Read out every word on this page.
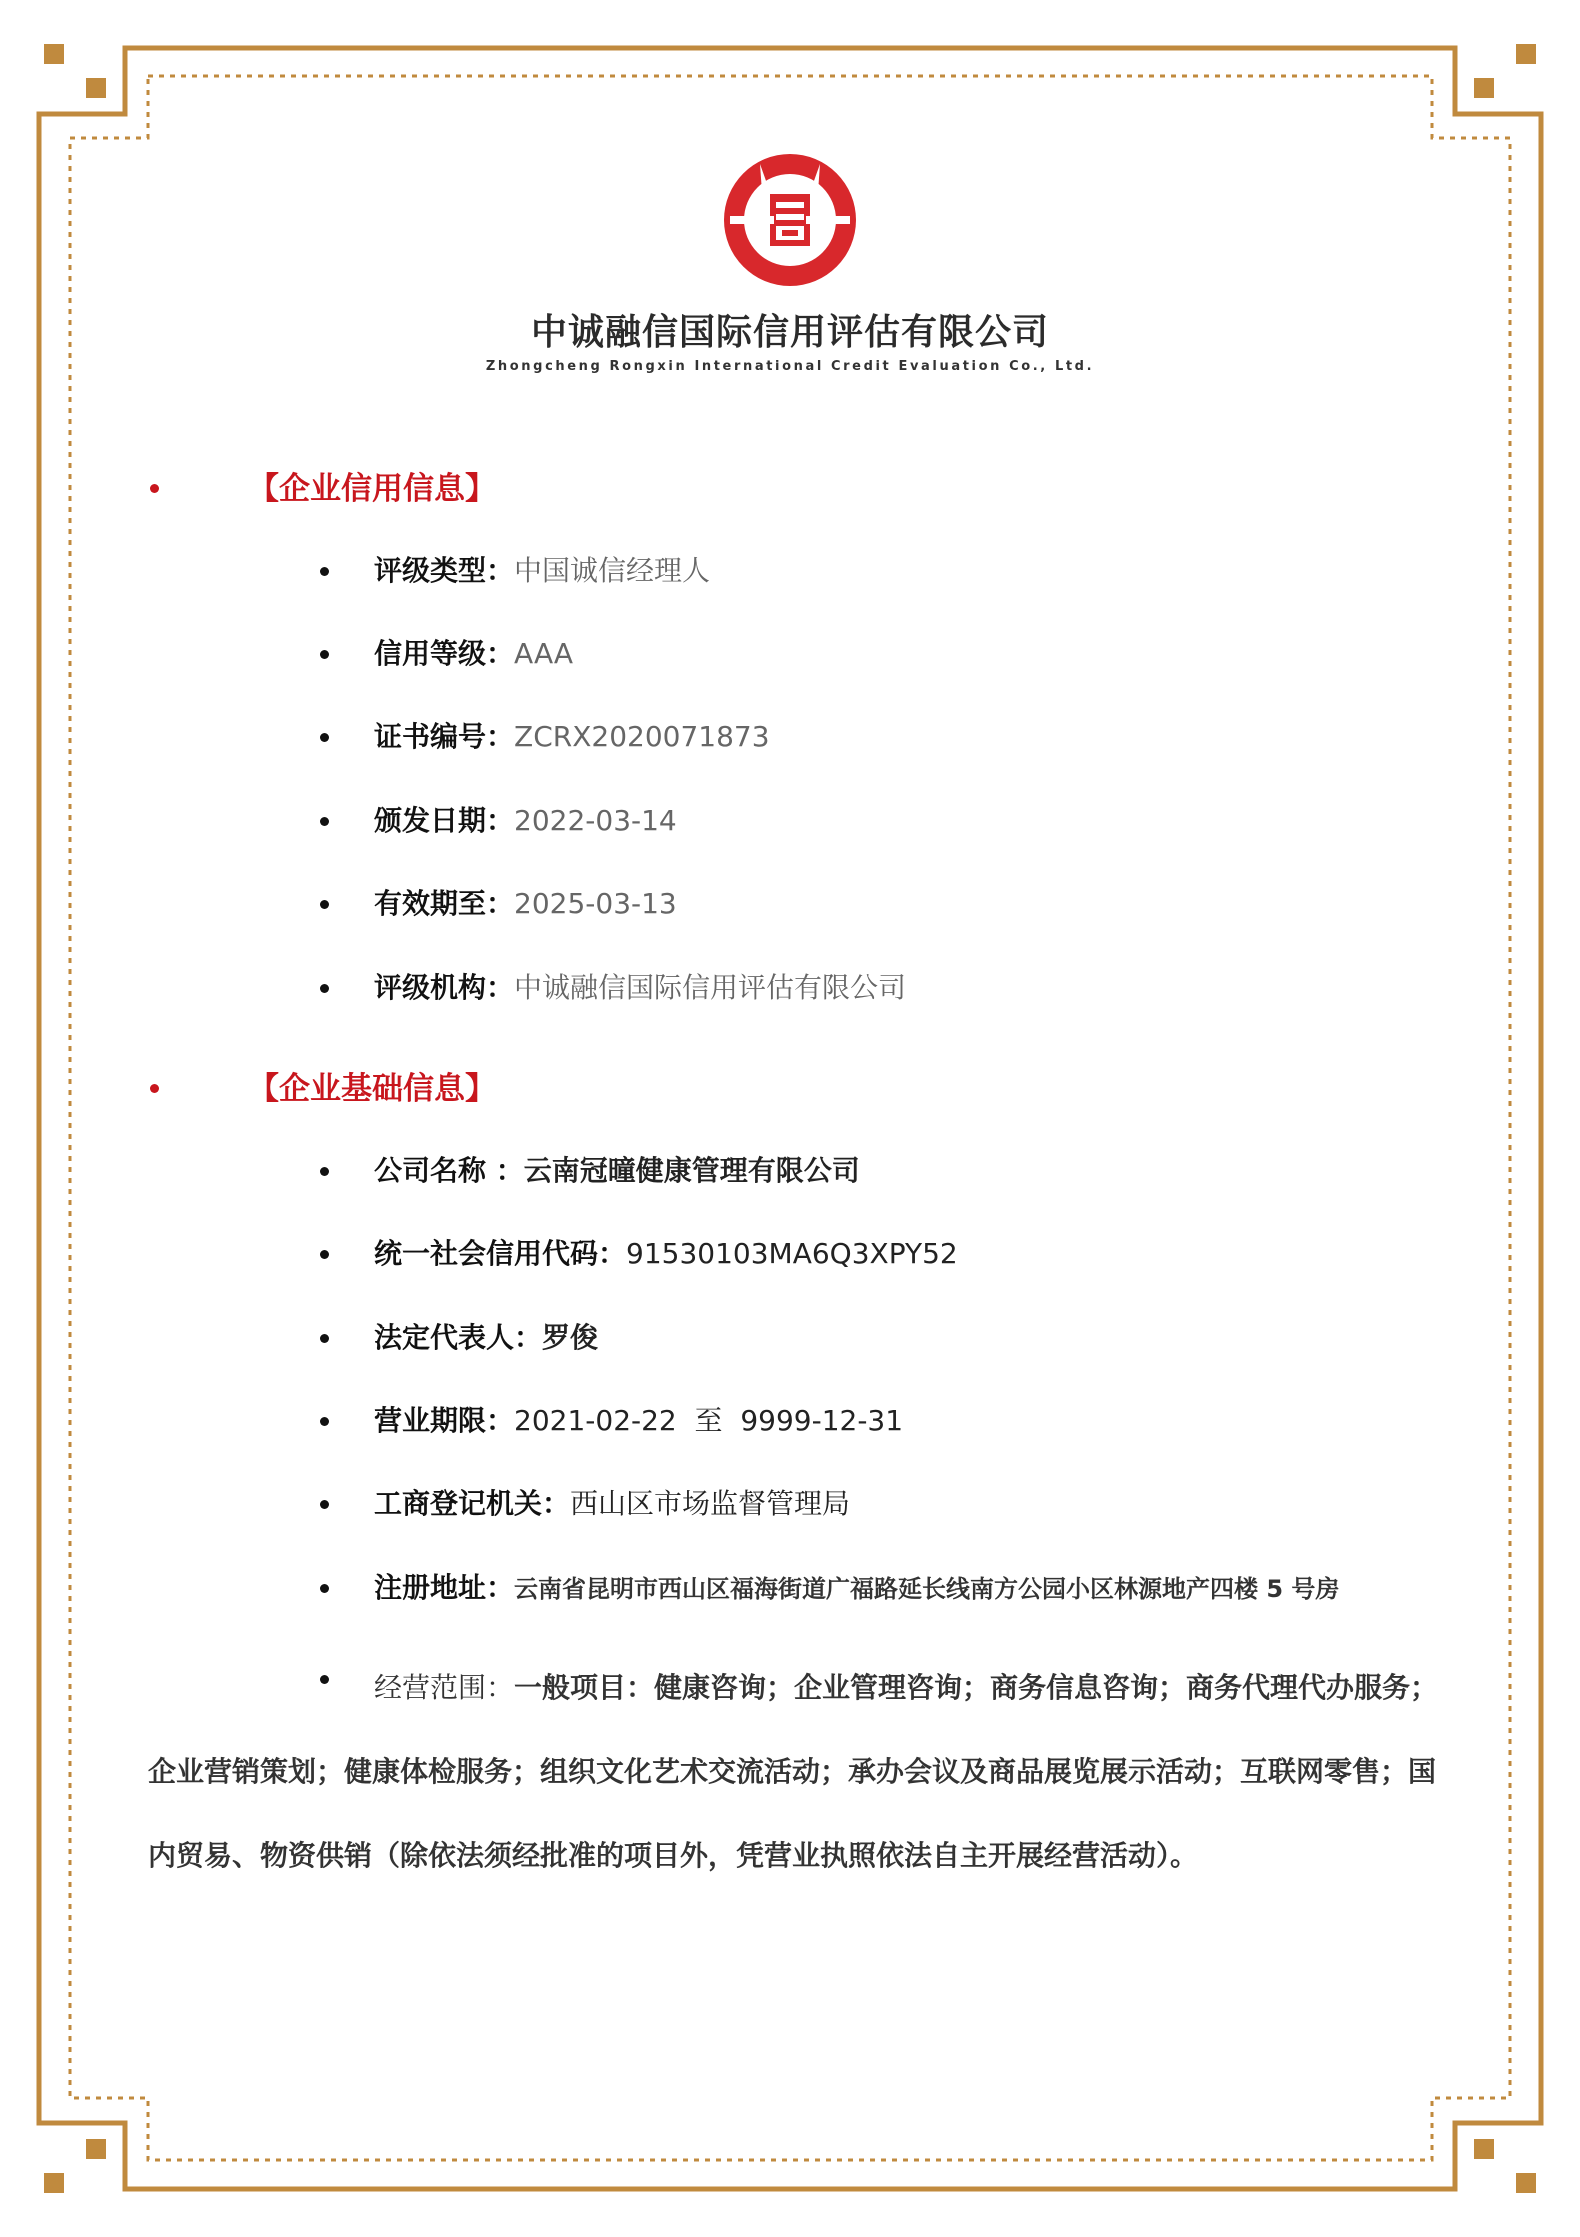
中诚融信国际信用评估有限公司
Zhongcheng Rongxin International Credit Evaluation Co., Ltd.
【企业信用信息】
评级类型：中国诚信经理人
信用等级：AAA
证书编号：ZCRX2020071873
颁发日期：2022-03-14
有效期至：2025-03-13
评级机构：中诚融信国际信用评估有限公司
【企业基础信息】
公司名称 ：云南冠曈健康管理有限公司
统一社会信用代码：91530103MA6Q3XPY52
法定代表人：罗俊
营业期限：2021-02-22  至  9999-12-31
工商登记机关：西山区市场监督管理局
注册地址：云南省昆明市西山区福海街道广福路延长线南方公园小区林源地产四楼 5 号房
经营范围：一般项目：健康咨询；企业管理咨询；商务信息咨询；商务代理代办服务；企业营销策划；健康体检服务；组织文化艺术交流活动；承办会议及商品展览展示活动；互联网零售；国内贸易、物资供销（除依法须经批准的项目外，凭营业执照依法自主开展经营活动）。
